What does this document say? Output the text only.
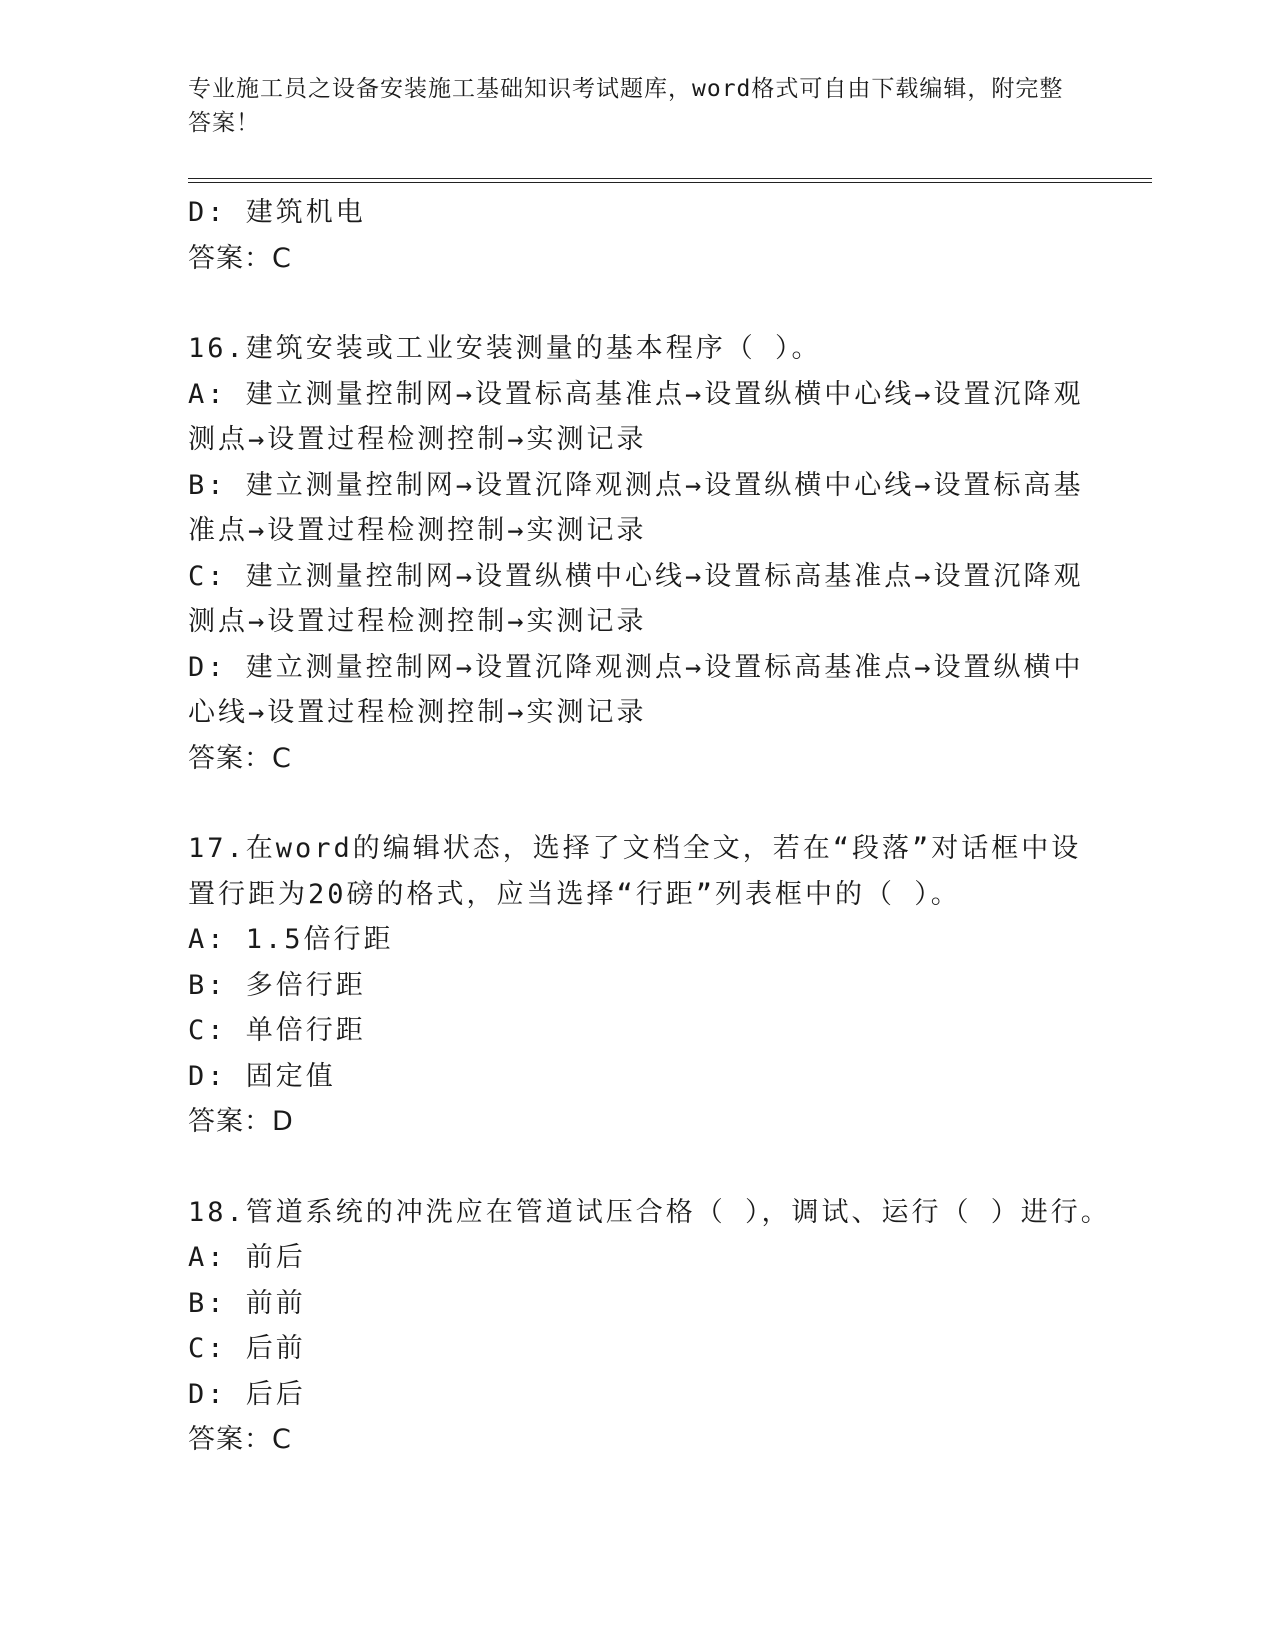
专业施工员之设备安装施工基础知识考试题库，word格式可自由下载编辑，附完整答案！

D: 建筑机电

答案：C

16.建筑安装或工业安装测量的基本程序（ ）。

A: 建立测量控制网→设置标高基准点→设置纵横中心线→设置沉降观

测点→设置过程检测控制→实测记录

B: 建立测量控制网→设置沉降观测点→设置纵横中心线→设置标高基

准点→设置过程检测控制→实测记录

C: 建立测量控制网→设置纵横中心线→设置标高基准点→设置沉降观

测点→设置过程检测控制→实测记录

D: 建立测量控制网→设置沉降观测点→设置标高基准点→设置纵横中

心线→设置过程检测控制→实测记录

答案：C

17.在word的编辑状态，选择了文档全文，若在“段落”对话框中设

置行距为20磅的格式，应当选择“行距”列表框中的（ ）。

A: 1.5倍行距

B: 多倍行距

C: 单倍行距

D: 固定值

答案：D

18.管道系统的冲洗应在管道试压合格（ ），调试、运行（ ）进行。

A: 前后

B: 前前

C: 后前

D: 后后

答案：C
